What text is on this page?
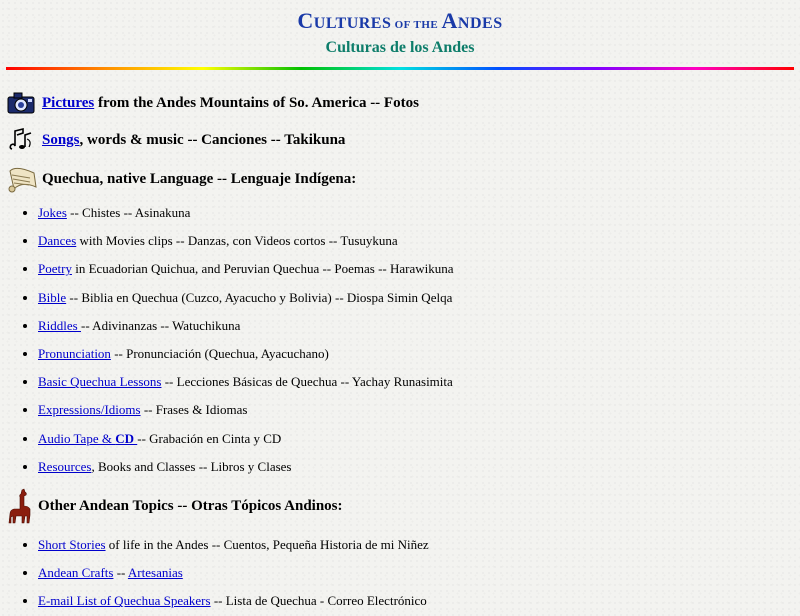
CULTURES OF THE ANDES
Culturas de los Andes
Pictures from the Andes Mountains of So. America -- Fotos
Songs, words & music -- Canciones -- Takikuna
Quechua, native Language -- Lenguaje Indígena:
• Jokes -- Chistes -- Asinakuna
• Dances with Movies clips -- Danzas, con Videos cortos -- Tusuykuna
• Poetry in Ecuadorian Quichua, and Peruvian Quechua -- Poemas -- Harawikuna
• Bible -- Biblia en Quechua (Cuzco, Ayacucho y Bolivia) -- Diospa Simin Qelqa
• Riddles -- Adivinanzas -- Watuchikuna
• Pronunciation -- Pronunciación (Quechua, Ayacuchano)
• Basic Quechua Lessons -- Lecciones Básicas de Quechua -- Yachay Runasimita
• Expressions/Idioms -- Frases & Idiomas
• Audio Tape & CD -- Grabación en Cinta y CD
• Resources, Books and Classes -- Libros y Clases
Other Andean Topics -- Otras Tópicos Andinos:
• Short Stories of life in the Andes -- Cuentos, Pequeña Historia de mi Niñez
• Andean Crafts -- Artesanias
• E-mail List of Quechua Speakers -- Lista de Quechua - Correo Electrónico
